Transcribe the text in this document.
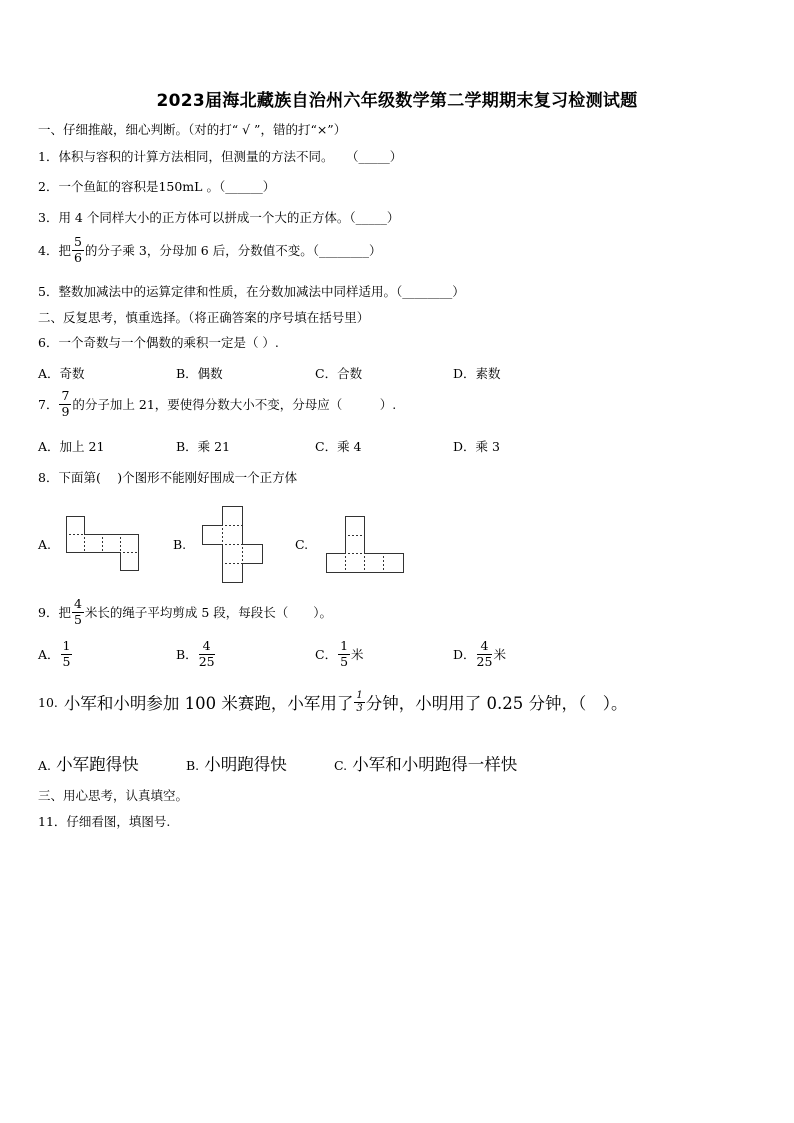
2023届海北藏族自治州六年级数学第二学期期末复习检测试题
一、仔细推敲，细心判断。（对的打“ √ ”，错的打“×”）
1．体积与容积的计算方法相同，但测量的方法不同。　　（_____）
2．一个鱼缸的容积是150mL 。（______）
3．用 4 个同样大小的正方体可以拼成一个大的正方体。（_____）
4．把 $\frac{5}{6}$ 的分子乘 3，分母加 6 后，分数值不变。（________）
5．整数加减法中的运算定律和性质，在分数加减法中同样适用。（________）
二、反复思考，慎重选择。（将正确答案的序号填在括号里）
6．一个奇数与一个偶数的乘积一定是（ ）.
A．奇数	B．偶数	C．合数	D．素数
7． $\frac{7}{9}$ 的分子加上 21，要使得分数大小不变，分母应（　　　）.
A．加上 21	B．乘 21	C．乘 4	D．乘 3
8．下面第(　 )个图形不能刚好围成一个正方体
A.	B.	C.
9．把 $\frac{4}{5}$ 米长的绳子平均剪成 5 段，每段长（　　）。
A． $\frac{1}{5}$	B． $\frac{4}{25}$	C． $\frac{1}{5}$ 米	D． $\frac{4}{25}$ 米
10. 小军和小明参加 100 米赛跑，小军用了 $\frac{1}{3}$ 分钟，小明用了 0.25 分钟，（　）。
A. 小军跑得快	B. 小明跑得快	C. 小军和小明跑得一样快
三、用心思考，认真填空。
11．仔细看图，填图号.
